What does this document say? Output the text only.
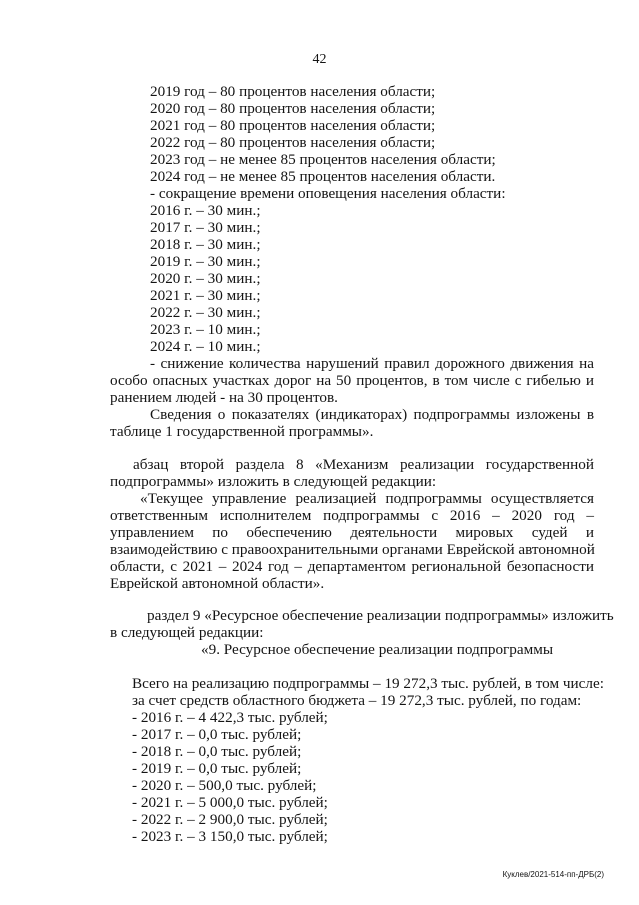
42

2019 год – 80 процентов населения области;

2020 год – 80 процентов населения области;

2021 год – 80 процентов населения области;

2022 год – 80 процентов населения области;

2023 год – не менее 85 процентов населения области;

2024 год – не менее 85 процентов населения области.

- сокращение времени оповещения населения области:

2016 г. – 30 мин.;

2017 г. – 30 мин.;

2018 г. – 30 мин.;

2019 г. – 30 мин.;

2020 г. – 30 мин.;

2021 г. – 30 мин.;

2022 г. – 30 мин.;

2023 г. – 10 мин.;

2024 г. – 10 мин.;

- снижение количества нарушений правил дорожного движения на

особо опасных участках дорог на 50 процентов, в том числе с гибелью и

ранением людей - на 30 процентов.

Сведения о показателях (индикаторах) подпрограммы изложены в

таблице 1 государственной программы».

абзац второй раздела 8 «Механизм реализации государственной

подпрограммы» изложить в следующей редакции:

«Текущее управление реализацией подпрограммы осуществляется

ответственным исполнителем подпрограммы с 2016 – 2020 год –

управлением по обеспечению деятельности мировых судей и

взаимодействию с правоохранительными органами Еврейской автономной

области, с 2021 – 2024 год – департаментом региональной безопасности

Еврейской автономной области».

раздел 9 «Ресурсное обеспечение реализации подпрограммы» изложить

в следующей редакции:

«9. Ресурсное обеспечение реализации подпрограммы

Всего на реализацию подпрограммы – 19 272,3 тыс. рублей, в том числе:

за счет средств областного бюджета – 19 272,3 тыс. рублей, по годам:

- 2016 г. – 4 422,3 тыс. рублей;

- 2017 г. – 0,0 тыс. рублей;

- 2018 г. – 0,0 тыс. рублей;

- 2019 г. – 0,0 тыс. рублей;

- 2020 г. – 500,0 тыс. рублей;

- 2021 г. – 5 000,0 тыс. рублей;

- 2022 г. – 2 900,0 тыс. рублей;

- 2023 г. – 3 150,0 тыс. рублей;

Куклев/2021-514-пп-ДРБ(2)
